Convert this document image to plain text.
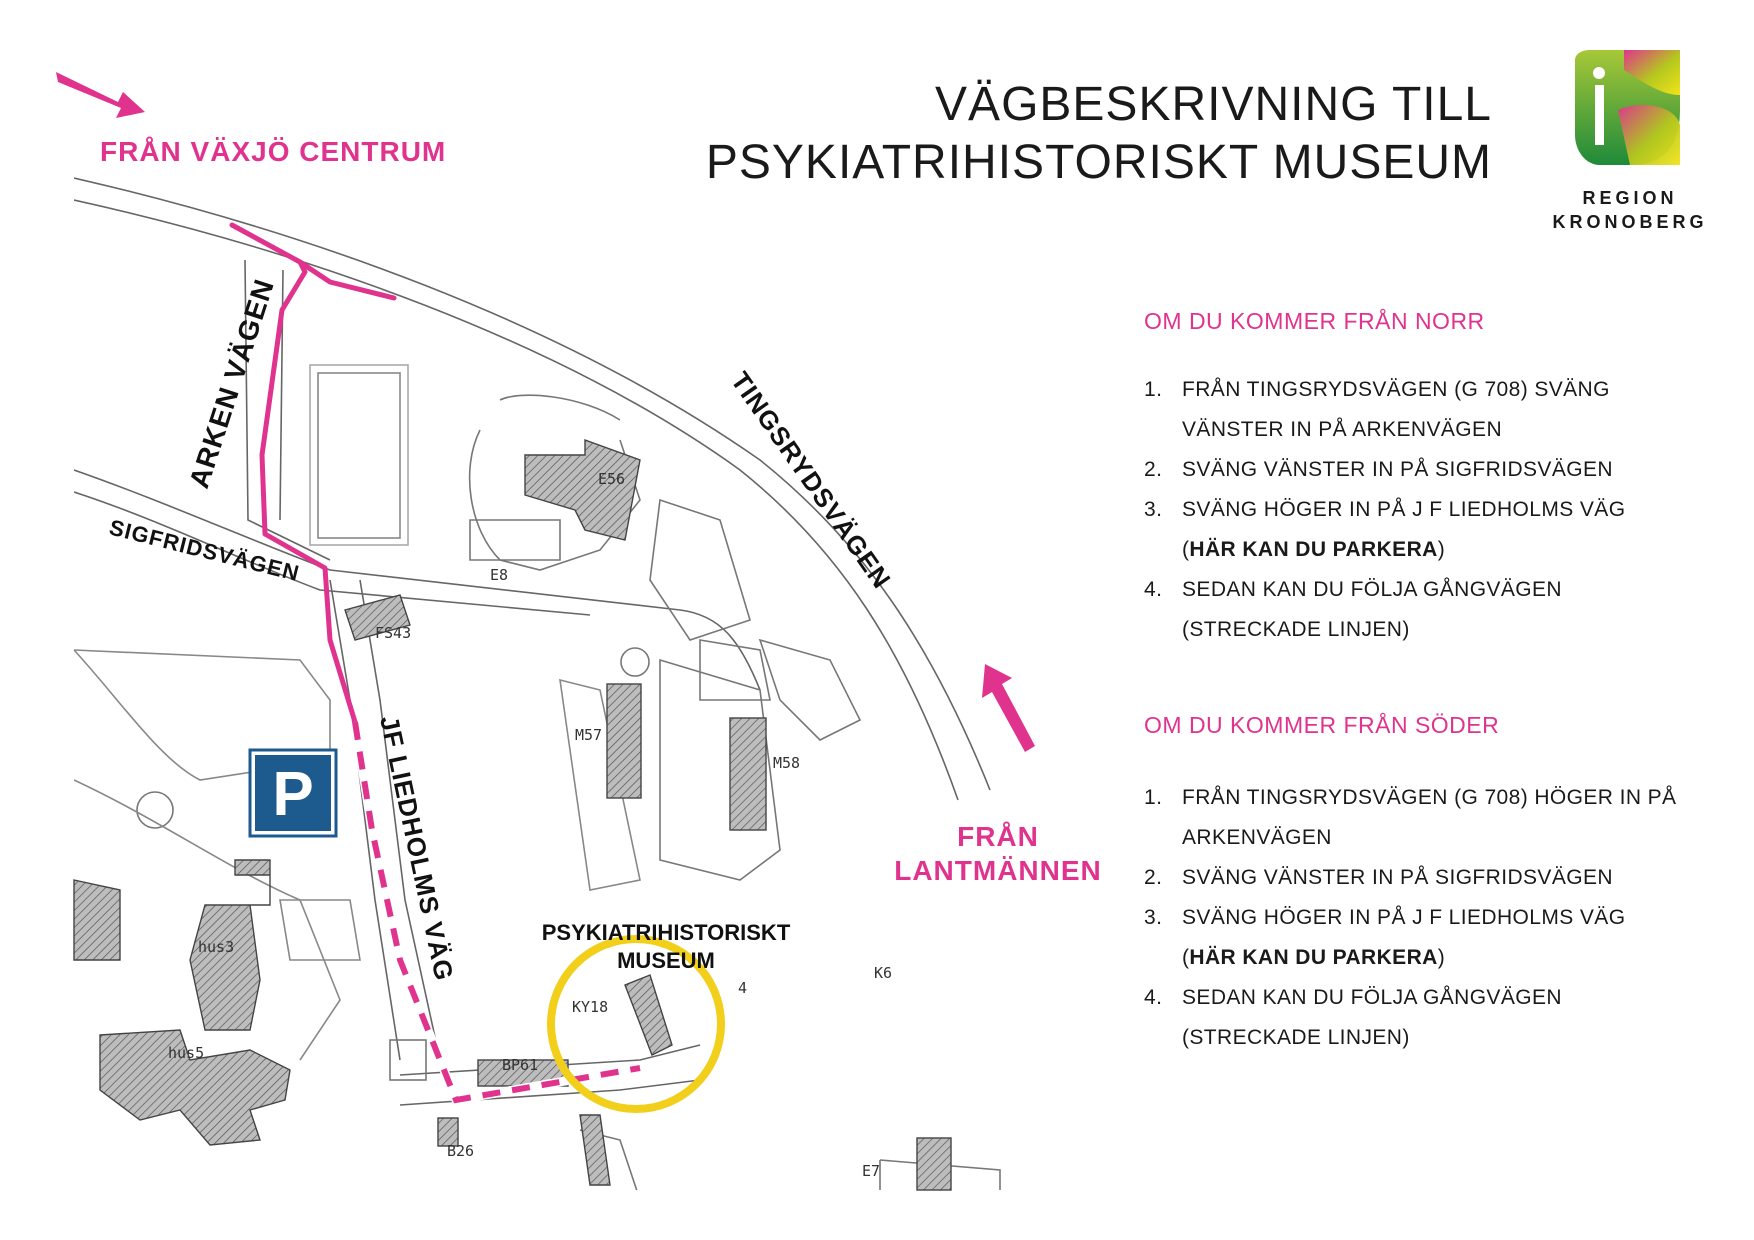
E56
E8
FS43
M57
M58
hus3
hus5
KY18
BP61
B26
K6
E7
4
P
ARKEN VÄGEN	TINGSRYDSVÄGEN
SIGFRIDSVÄGEN
JF LIEDHOLMS VÄG	PSYKIATRIHISTORISKT
MUSEUM
FRÅN VÄXJÖ CENTRUM
FRÅN
LANTMÄNNEN
VÄGBESKRIVNING TILL
PSYKIATRIHISTORISKT MUSEUM
REGION
KRONOBERG
OM DU KOMMER FRÅN NORR
1. FRÅN TINGSRYDSVÄGEN (G 708) SVÄNG
VÄNSTER IN PÅ ARKENVÄGEN
2. SVÄNG VÄNSTER IN PÅ SIGFRIDSVÄGEN
3. SVÄNG HÖGER IN PÅ J F LIEDHOLMS VÄG
(HÄR KAN DU PARKERA)
4. SEDAN KAN DU FÖLJA GÅNGVÄGEN
(STRECKADE LINJEN)
OM DU KOMMER FRÅN SÖDER
1. FRÅN TINGSRYDSVÄGEN (G 708) HÖGER IN PÅ
ARKENVÄGEN
2. SVÄNG VÄNSTER IN PÅ SIGFRIDSVÄGEN
3. SVÄNG HÖGER IN PÅ J F LIEDHOLMS VÄG
(HÄR KAN DU PARKERA)
4. SEDAN KAN DU FÖLJA GÅNGVÄGEN
(STRECKADE LINJEN)
